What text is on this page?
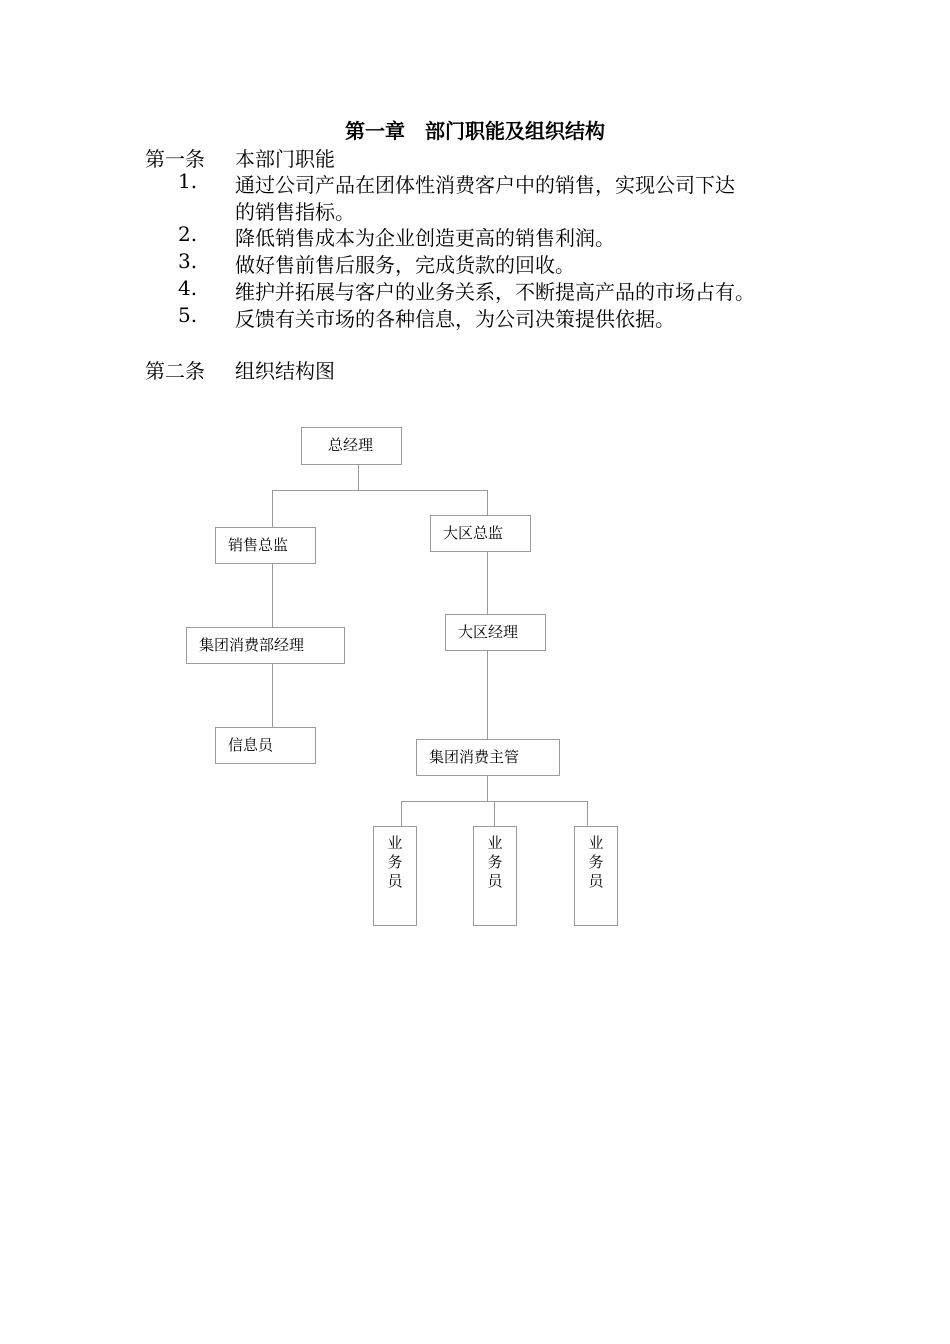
第一章　部门职能及组织结构
第一条 本部门职能
1. 通过公司产品在团体性消费客户中的销售，实现公司下达
的销售指标。
2. 降低销售成本为企业创造更高的销售利润。
3. 做好售前售后服务，完成货款的回收。
4. 维护并拓展与客户的业务关系，不断提高产品的市场占有。
5. 反馈有关市场的各种信息，为公司决策提供依据。
第二条 组织结构图
总经理
销售总监
大区总监
集团消费部经理
大区经理
信息员
集团消费主管
业
务
员
业
务
员
业
务
员
